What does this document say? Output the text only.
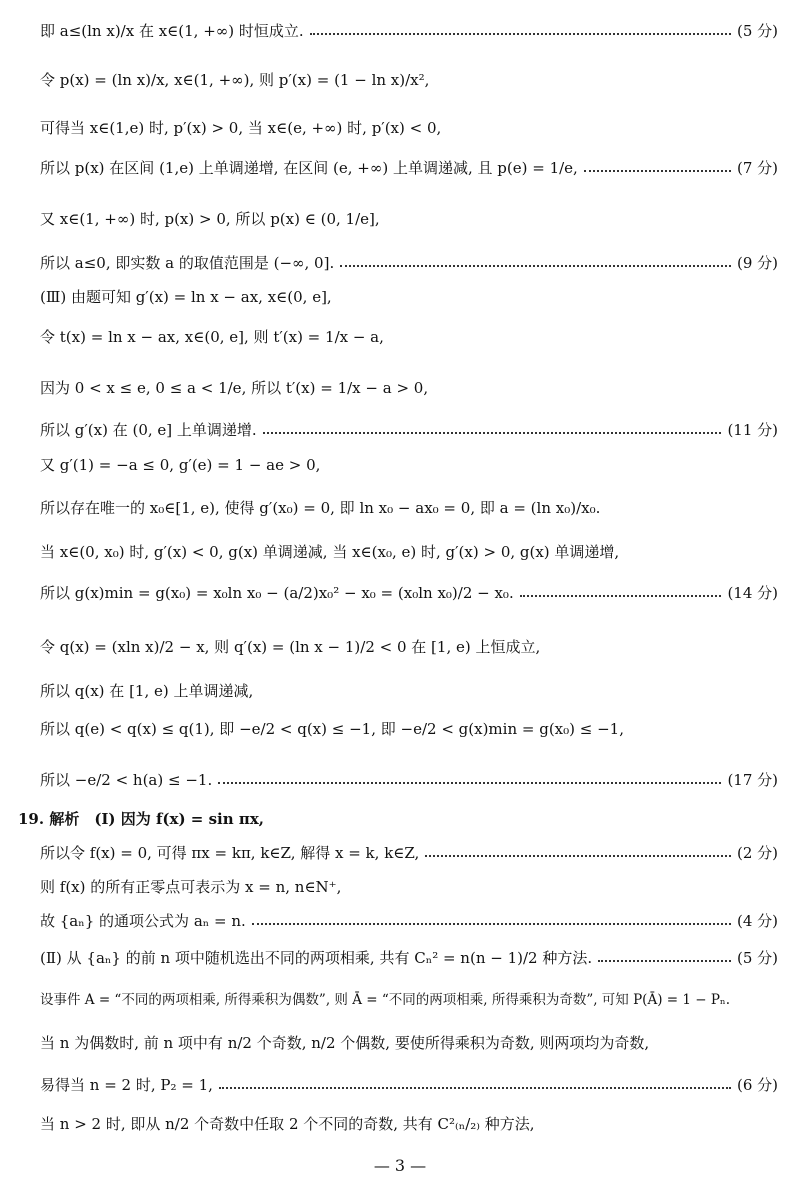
即 a≤(ln x)/x 在 x∈(1, +∞) 时恒成立.	(5 分)
令 p(x) = (ln x)/x, x∈(1, +∞), 则 p′(x) = (1 − ln x)/x²,
可得当 x∈(1,e) 时, p′(x) > 0, 当 x∈(e, +∞) 时, p′(x) < 0,
所以 p(x) 在区间 (1,e) 上单调递增, 在区间 (e, +∞) 上单调递减, 且 p(e) = 1/e,	(7 分)
又 x∈(1, +∞) 时, p(x) > 0, 所以 p(x) ∈ (0, 1/e],
所以 a≤0, 即实数 a 的取值范围是 (−∞, 0].	(9 分)
(Ⅲ) 由题可知 g′(x) = ln x − ax, x∈(0, e],
令 t(x) = ln x − ax, x∈(0, e], 则 t′(x) = 1/x − a,
因为 0 < x ≤ e, 0 ≤ a < 1/e, 所以 t′(x) = 1/x − a > 0,
所以 g′(x) 在 (0, e] 上单调递增.	(11 分)
又 g′(1) = −a ≤ 0, g′(e) = 1 − ae > 0,
所以存在唯一的 x₀∈[1, e), 使得 g′(x₀) = 0, 即 ln x₀ − ax₀ = 0, 即 a = (ln x₀)/x₀.
当 x∈(0, x₀) 时, g′(x) < 0, g(x) 单调递减, 当 x∈(x₀, e) 时, g′(x) > 0, g(x) 单调递增,
所以 g(x)min = g(x₀) = x₀ln x₀ − (a/2)x₀² − x₀ = (x₀ln x₀)/2 − x₀.	(14 分)
令 q(x) = (xln x)/2 − x, 则 q′(x) = (ln x − 1)/2 < 0 在 [1, e) 上恒成立,
所以 q(x) 在 [1, e) 上单调递减,
所以 q(e) < q(x) ≤ q(1), 即 −e/2 < q(x) ≤ −1, 即 −e/2 < g(x)min = g(x₀) ≤ −1,
所以 −e/2 < h(a) ≤ −1.	(17 分)
19. 解析　(Ⅰ) 因为 f(x) = sin πx,
所以令 f(x) = 0, 可得 πx = kπ, k∈Z, 解得 x = k, k∈Z,	(2 分)
则 f(x) 的所有正零点可表示为 x = n, n∈N⁺,
故 {aₙ} 的通项公式为 aₙ = n.	(4 分)
(Ⅱ) 从 {aₙ} 的前 n 项中随机选出不同的两项相乘, 共有 Cₙ² = n(n − 1)/2 种方法.	(5 分)
设事件 A = “不同的两项相乘, 所得乘积为偶数”, 则 Ā = “不同的两项相乘, 所得乘积为奇数”, 可知 P(Ā) = 1 − Pₙ.
当 n 为偶数时, 前 n 项中有 n/2 个奇数, n/2 个偶数, 要使所得乘积为奇数, 则两项均为奇数,
易得当 n = 2 时, P₂ = 1,	(6 分)
当 n > 2 时, 即从 n/2 个奇数中任取 2 个不同的奇数, 共有 C²₍ₙ/₂₎ 种方法,
— 3 —
